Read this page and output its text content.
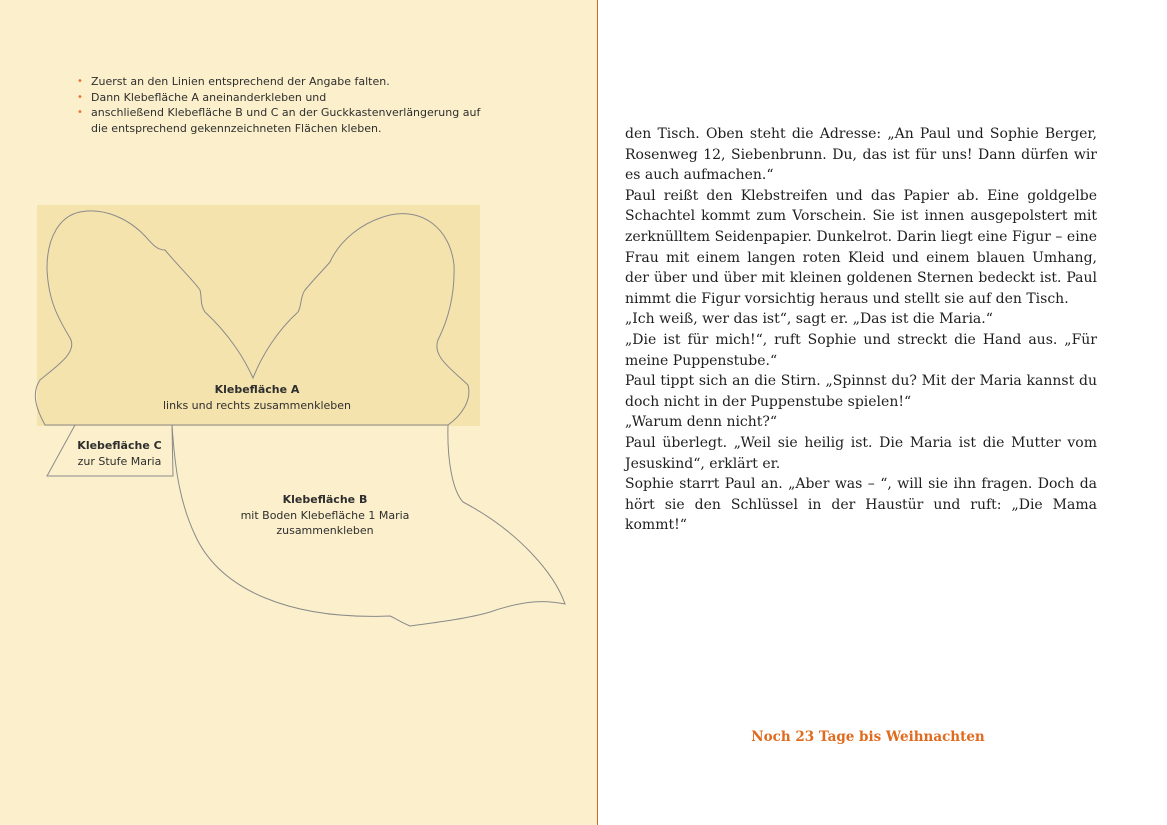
• Zuerst an den Linien entsprechend der Angabe falten.
• Dann Klebefläche A aneinanderkleben und
• anschließend Klebefläche B und C an der Guckkastenverlängerung auf die entsprechend gekennzeichneten Flächen kleben.
Klebefläche A
links und rechts zusammenkleben
Klebefläche C
zur Stufe Maria
Klebefläche B
mit Boden Klebefläche 1 Maria
zusammenkleben

den Tisch. Oben steht die Adresse: „An Paul und Sophie Berger, Rosenweg 12, Siebenbrunn. Du, das ist für uns! Dann dürfen wir es auch aufmachen.“

Paul reißt den Klebstreifen und das Papier ab. Eine goldgelbe Schachtel kommt zum Vorschein. Sie ist innen ausgepolstert mit zerknülltem Seidenpapier. Dunkelrot. Darin liegt eine Figur – eine Frau mit einem langen roten Kleid und einem blauen Umhang, der über und über mit kleinen goldenen Sternen bedeckt ist. Paul nimmt die Figur vorsichtig heraus und stellt sie auf den Tisch.

„Ich weiß, wer das ist“, sagt er. „Das ist die Maria.“

„Die ist für mich!“, ruft Sophie und streckt die Hand aus. „Für meine Puppenstube.“

Paul tippt sich an die Stirn. „Spinnst du? Mit der Maria kannst du doch nicht in der Puppenstube spielen!“

„Warum denn nicht?“

Paul überlegt. „Weil sie heilig ist. Die Maria ist die Mutter vom Jesuskind“, erklärt er.

Sophie starrt Paul an. „Aber was – “, will sie ihn fragen. Doch da hört sie den Schlüssel in der Haustür und ruft: „Die Mama kommt!“

Noch 23 Tage bis Weihnachten
